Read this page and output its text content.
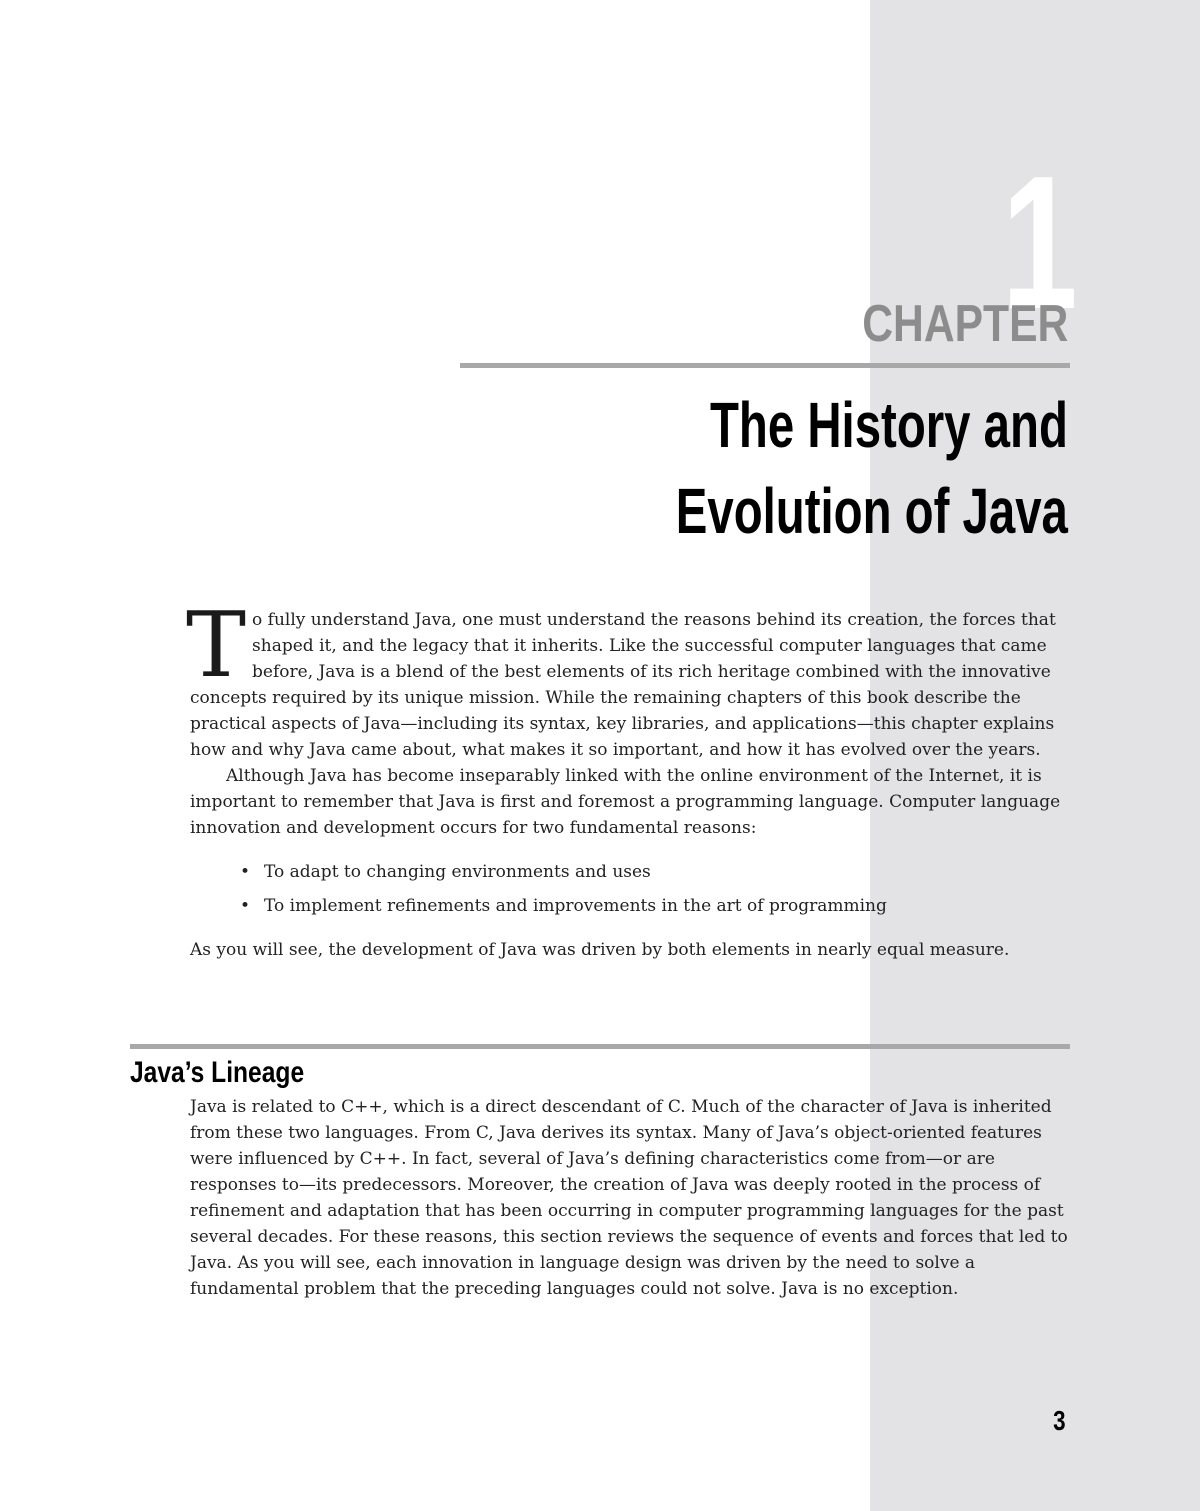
1
CHAPTER
The History and
Evolution of Java

To fully understand Java, one must understand the reasons behind its creation, the forces that shaped it, and the legacy that it inherits. Like the successful computer languages that came before, Java is a blend of the best elements of its rich heritage combined with the innovative concepts required by its unique mission. While the remaining chapters of this book describe the practical aspects of Java—including its syntax, key libraries, and applications—this chapter explains how and why Java came about, what makes it so important, and how it has evolved over the years.

Although Java has become inseparably linked with the online environment of the Internet, it is important to remember that Java is first and foremost a programming language. Computer language innovation and development occurs for two fundamental reasons:

• To adapt to changing environments and uses
• To implement refinements and improvements in the art of programming

As you will see, the development of Java was driven by both elements in nearly equal measure.

Java’s Lineage

Java is related to C++, which is a direct descendant of C. Much of the character of Java is inherited from these two languages. From C, Java derives its syntax. Many of Java’s object-oriented features were influenced by C++. In fact, several of Java’s defining characteristics come from—or are responses to—its predecessors. Moreover, the creation of Java was deeply rooted in the process of refinement and adaptation that has been occurring in computer programming languages for the past several decades. For these reasons, this section reviews the sequence of events and forces that led to Java. As you will see, each innovation in language design was driven by the need to solve a fundamental problem that the preceding languages could not solve. Java is no exception.

3
